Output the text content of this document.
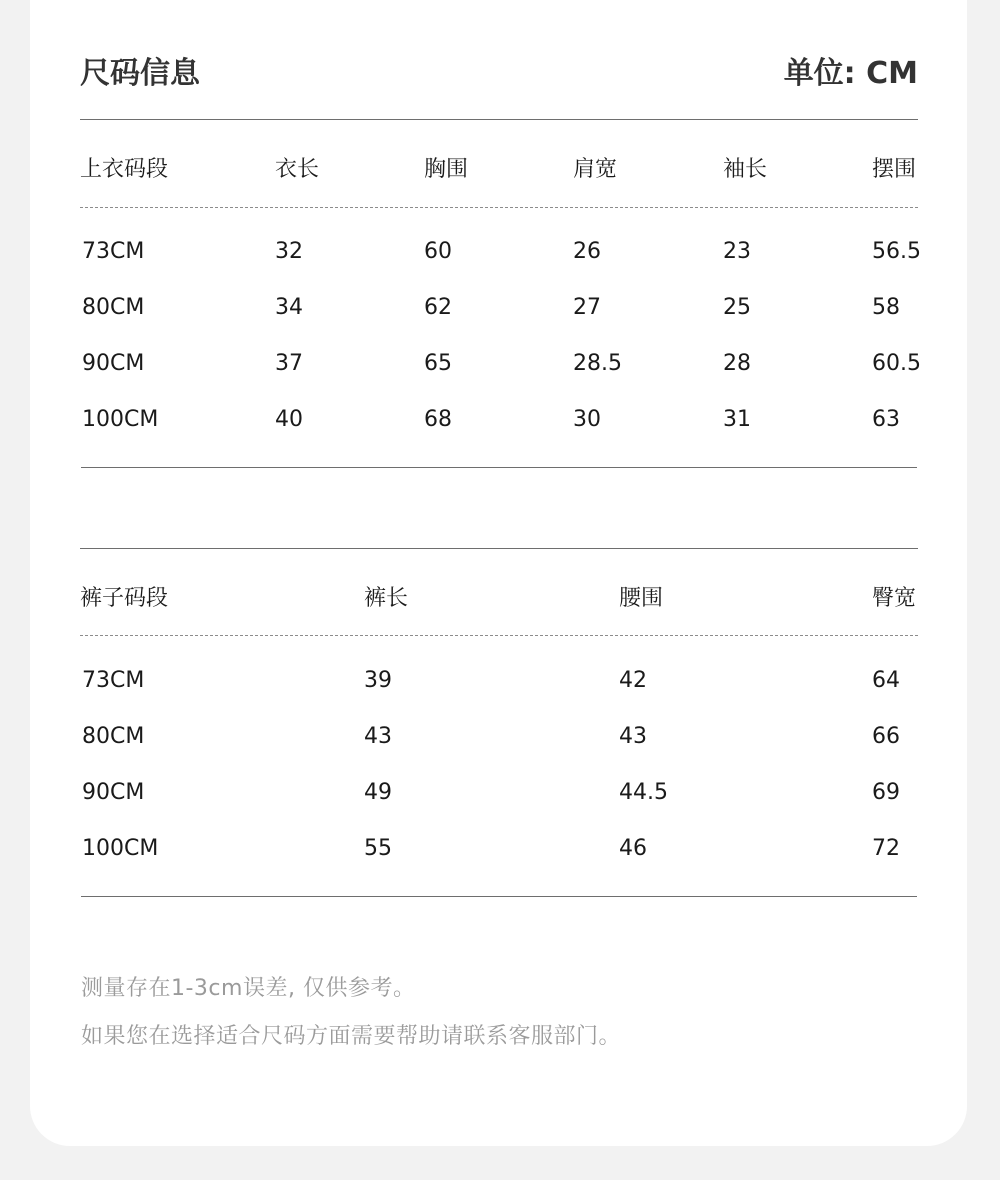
尺码信息	单位: CM
上衣码段	衣长	胸围	肩宽	袖长	摆围
73CM	32	60	26	23	56.5
80CM	34	62	27	25	58
90CM	37	65	28.5	28	60.5
100CM	40	68	30	31	63
裤子码段	裤长	腰围	臀宽
73CM	39	42	64
80CM	43	43	66
90CM	49	44.5	69
100CM	55	46	72
测量存在1-3cm误差, 仅供参考。
如果您在选择适合尺码方面需要帮助请联系客服部门。
